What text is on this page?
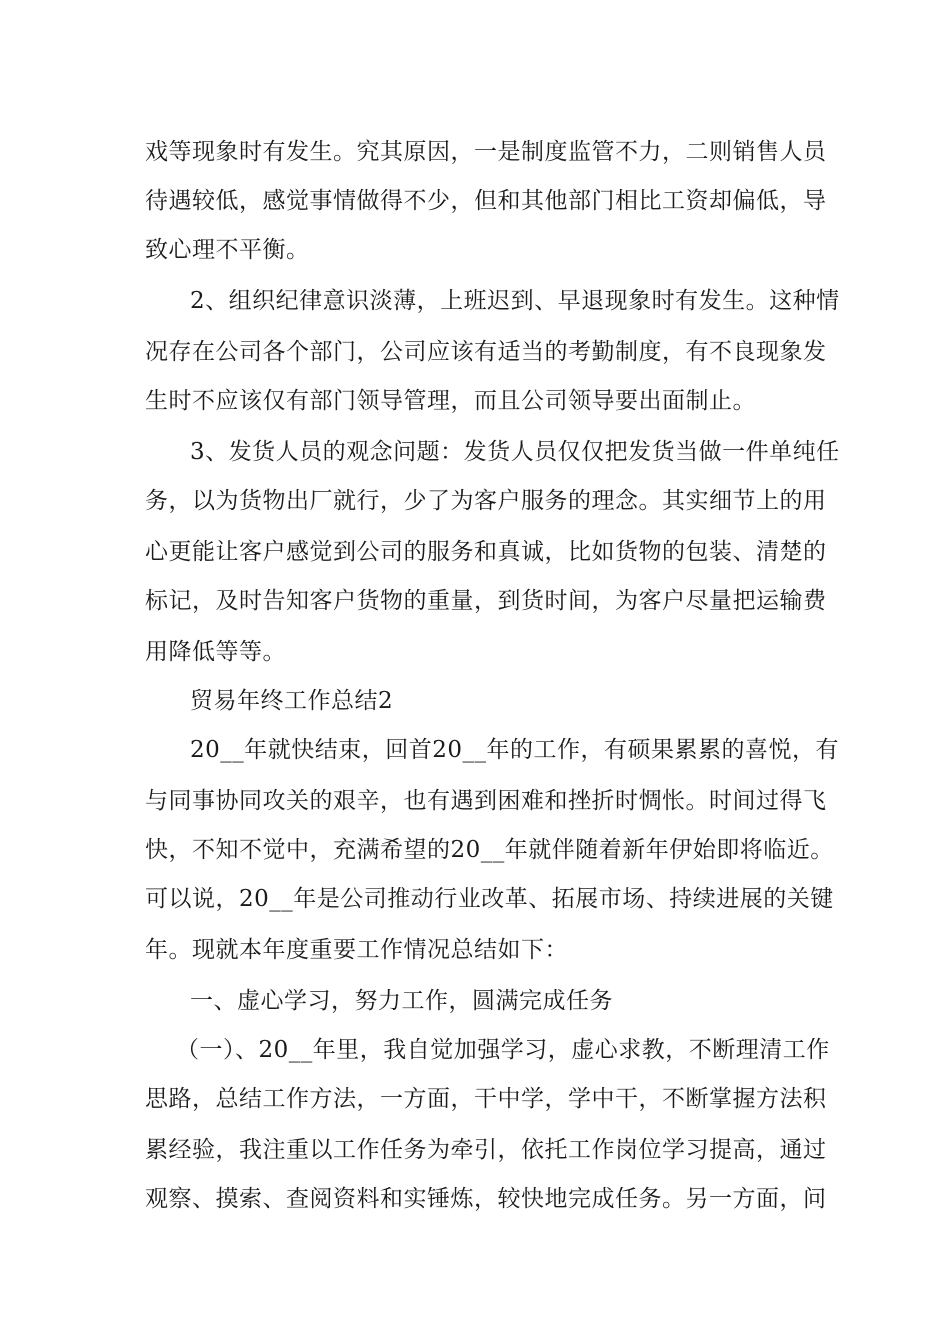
戏等现象时有发生。究其原因，一是制度监管不力，二则销售人员
待遇较低，感觉事情做得不少，但和其他部门相比工资却偏低，导
致心理不平衡。
2、组织纪律意识淡薄，上班迟到、早退现象时有发生。这种情
况存在公司各个部门，公司应该有适当的考勤制度，有不良现象发
生时不应该仅有部门领导管理，而且公司领导要出面制止。
3、发货人员的观念问题：发货人员仅仅把发货当做一件单纯任
务，以为货物出厂就行，少了为客户服务的理念。其实细节上的用
心更能让客户感觉到公司的服务和真诚，比如货物的包装、清楚的
标记，及时告知客户货物的重量，到货时间，为客户尽量把运输费
用降低等等。
贸易年终工作总结2
20__年就快结束，回首20__年的工作，有硕果累累的喜悦，有
与同事协同攻关的艰辛，也有遇到困难和挫折时惆怅。时间过得飞
快，不知不觉中，充满希望的20__年就伴随着新年伊始即将临近。
可以说，20__年是公司推动行业改革、拓展市场、持续进展的关键
年。现就本年度重要工作情况总结如下：
一、虚心学习，努力工作，圆满完成任务
（一）、20__年里，我自觉加强学习，虚心求教，不断理清工作
思路，总结工作方法，一方面，干中学，学中干，不断掌握方法积
累经验，我注重以工作任务为牵引，依托工作岗位学习提高，通过
观察、摸索、查阅资料和实锤炼，较快地完成任务。另一方面，问
